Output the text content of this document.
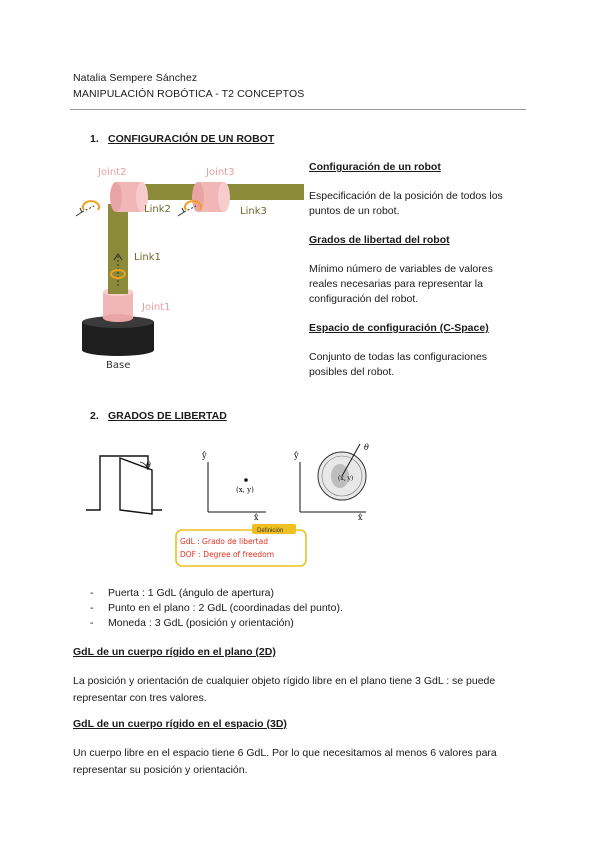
Natalia Sempere Sánchez
MANIPULACIÓN ROBÓTICA - T2 CONCEPTOS
1. CONFIGURACIÓN DE UN ROBOT
Joint2	Joint3
Link2	Link3
Link1
Joint1
Base
Configuración de un robot
Especificación de la posición de todos los puntos de un robot.
Grados de libertad del robot
Mínimo número de variables de valores reales necesarias para representar la configuración del robot.
Espacio de configuración (C-Space)
Conjunto de todas las configuraciones posibles del robot.
2. GRADOS DE LIBERTAD
θ
ŷ
x̂
(x, y)
ŷ
x̂
θ
(x, y)
Definición
GdL : Grado de libertad
DOF : Degree of freedom
- Puerta : 1 GdL (ángulo de apertura)
- Punto en el plano : 2 GdL (coordinadas del punto).
- Moneda : 3 GdL (posición y orientación)
GdL de un cuerpo rígido en el plano (2D)
La posición y orientación de cualquier objeto rígido libre en el plano tiene 3 GdL : se puede representar con tres valores.
GdL de un cuerpo rígido en el espacio (3D)
Un cuerpo libre en el espacio tiene 6 GdL. Por lo que necesitamos al menos 6 valores para representar su posición y orientación.
